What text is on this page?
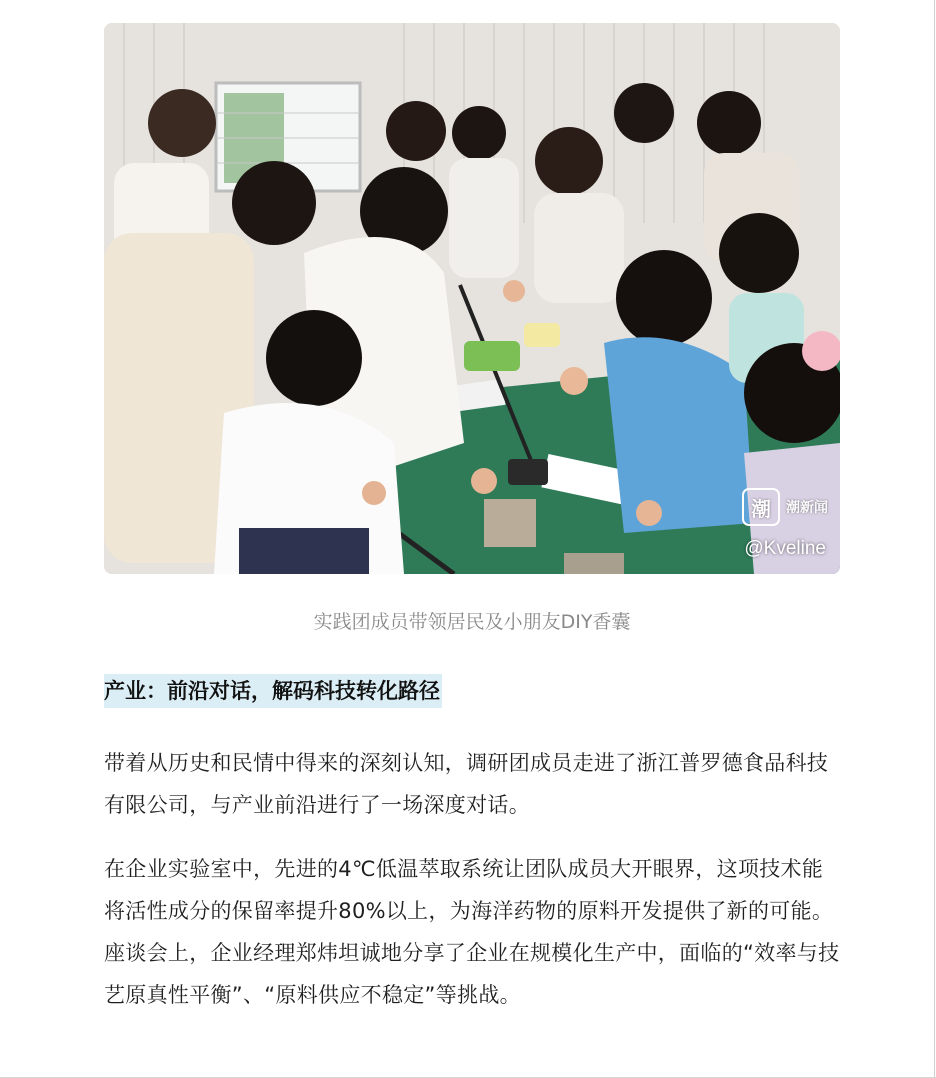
潮	潮新闻
@Kveline
实践团成员带领居民及小朋友DIY香囊
产业：前沿对话，解码科技转化路径

带着从历史和民情中得来的深刻认知，调研团成员走进了浙江普罗德食品科技有限公司，与产业前沿进行了一场深度对话。

在企业实验室中，先进的4℃低温萃取系统让团队成员大开眼界，这项技术能将活性成分的保留率提升80%以上，为海洋药物的原料开发提供了新的可能。座谈会上，企业经理郑炜坦诚地分享了企业在规模化生产中，面临的“效率与技艺原真性平衡”、“原料供应不稳定”等挑战。
